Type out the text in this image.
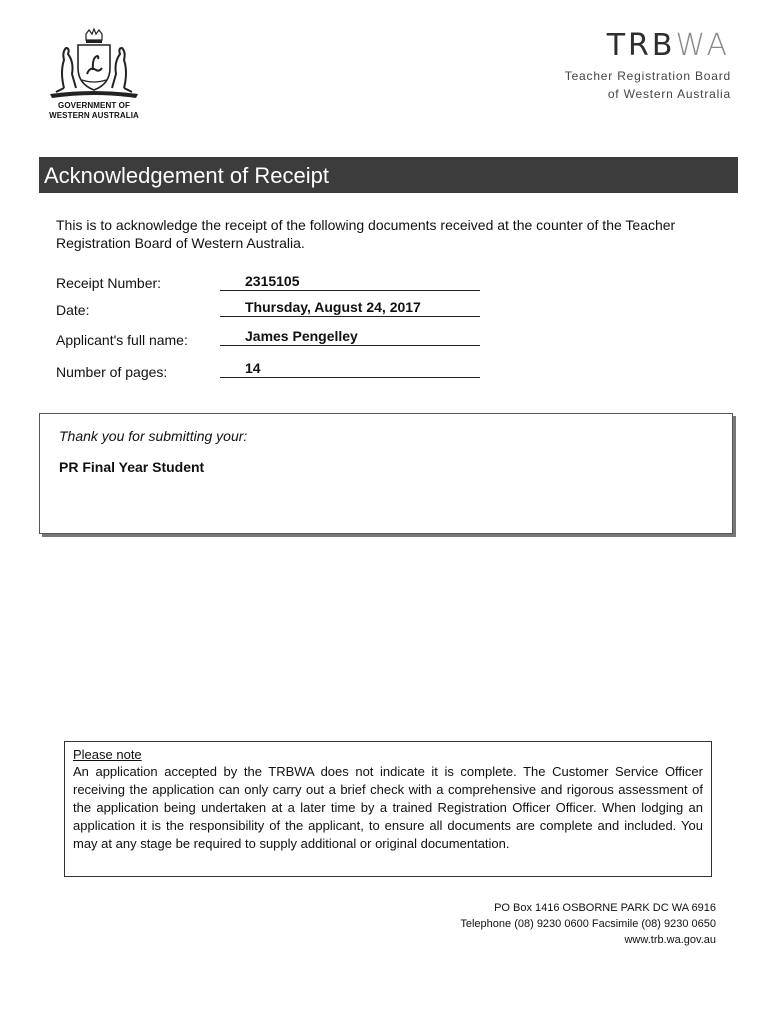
GOVERNMENT OF
WESTERN AUSTRALIA
TRBWA
Teacher Registration Board
of Western Australia
Acknowledgement of Receipt
This is to acknowledge the receipt of the following documents received at the counter of the Teacher Registration Board of Western Australia.
Receipt Number:	2315105
Date:	Thursday, August 24, 2017
Applicant's full name:	James Pengelley
Number of pages:	14
Thank you for submitting your:
PR Final Year Student
Please note
An application accepted by the TRBWA does not indicate it is complete. The Customer Service Officer receiving the application can only carry out a brief check with a comprehensive and rigorous assessment of the application being undertaken at a later time by a trained Registration Officer Officer. When lodging an application it is the responsibility of the applicant, to ensure all documents are complete and included. You may at any stage be required to supply additional or original documentation.
PO Box 1416 OSBORNE PARK DC WA 6916
Telephone (08) 9230 0600 Facsimile (08) 9230 0650
www.trb.wa.gov.au
